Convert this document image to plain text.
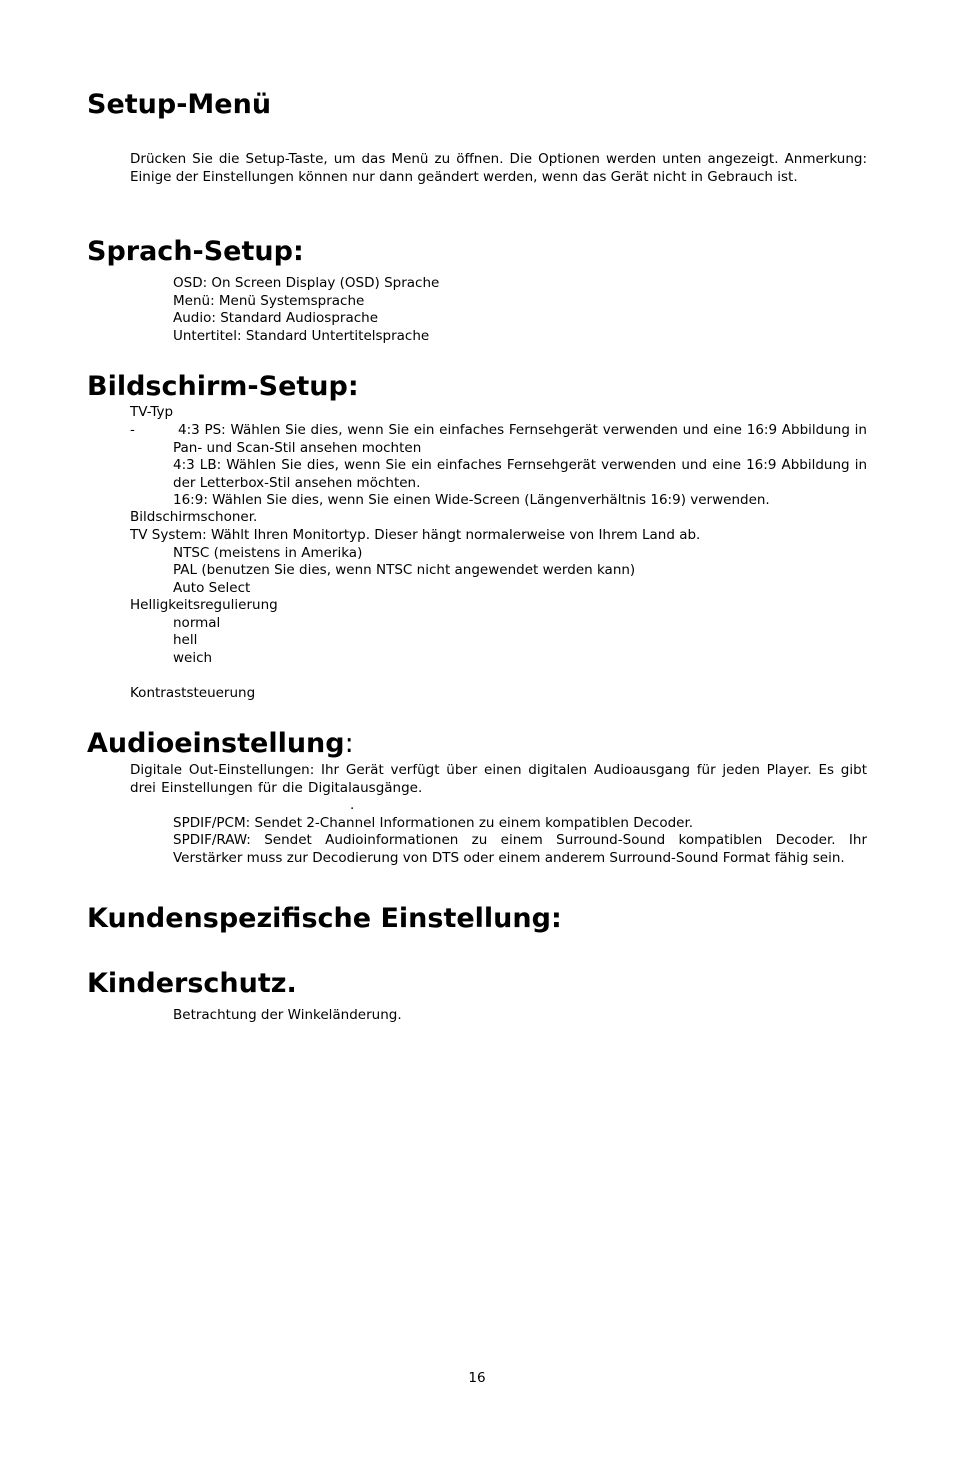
Setup-Menü

Drücken Sie die Setup-Taste, um das Menü zu öffnen. Die Optionen werden unten angezeigt. Anmerkung: Einige der Einstellungen können nur dann geändert werden, wenn das Gerät nicht in Gebrauch ist.

Sprach-Setup:

OSD: On Screen Display (OSD) Sprache

Menü: Menü Systemsprache

Audio: Standard Audiosprache

Untertitel: Standard Untertitelsprache

Bildschirm-Setup:

TV-Typ

-	4:3 PS: Wählen Sie dies, wenn Sie ein einfaches Fernsehgerät verwenden und eine 16:9 Abbildung in Pan- und Scan-Stil ansehen mochten

4:3 LB: Wählen Sie dies, wenn Sie ein einfaches Fernsehgerät verwenden und eine 16:9 Abbildung in der Letterbox-Stil ansehen möchten.

16:9: Wählen Sie dies, wenn Sie einen Wide-Screen (Längenverhältnis 16:9) verwenden.

Bildschirmschoner.

TV System: Wählt Ihren Monitortyp. Dieser hängt normalerweise von Ihrem Land ab.

NTSC (meistens in Amerika)

PAL (benutzen Sie dies, wenn NTSC nicht angewendet werden kann)

Auto Select

Helligkeitsregulierung

normal

hell

weich

Kontraststeuerung

Audioeinstellung:

Digitale Out-Einstellungen: Ihr Gerät verfügt über einen digitalen Audioausgang für jeden Player. Es gibt drei Einstellungen für die Digitalausgänge.

.

SPDIF/PCM: Sendet 2-Channel Informationen zu einem kompatiblen Decoder.

SPDIF/RAW: Sendet Audioinformationen zu einem Surround-Sound kompatiblen Decoder. Ihr Verstärker muss zur Decodierung von DTS oder einem anderem Surround-Sound Format fähig sein.

Kundenspezifische Einstellung:
Kinderschutz.

Betrachtung der Winkeländerung.

16
